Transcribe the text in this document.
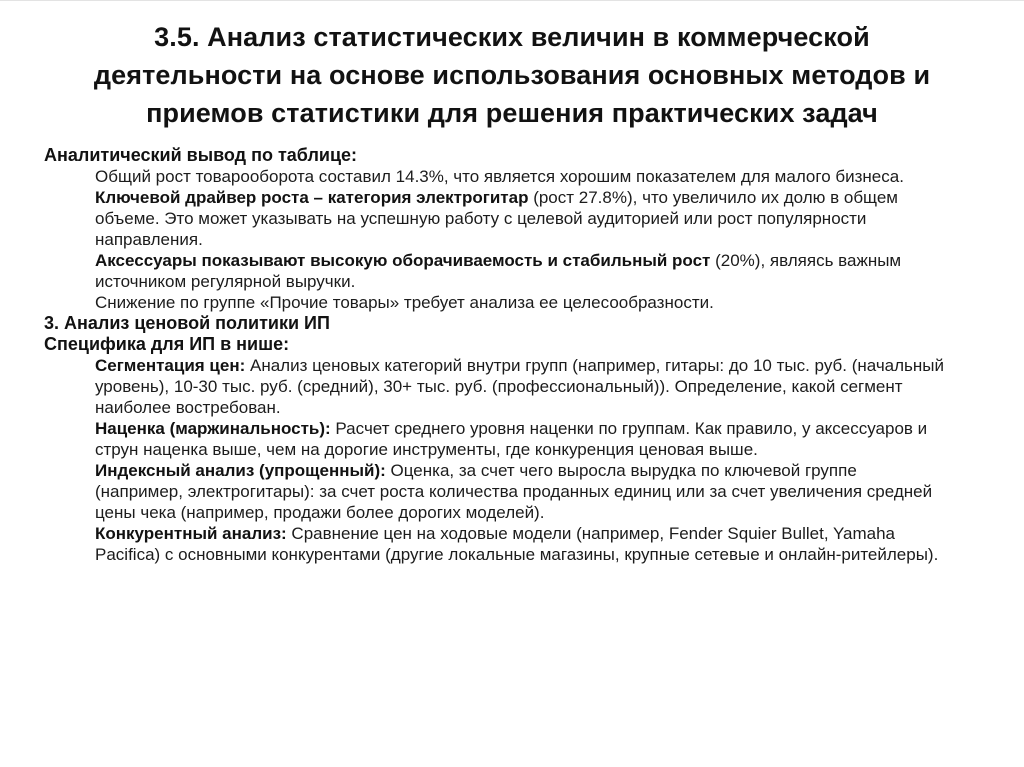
3.5. Анализ статистических величин в коммерческой
деятельности на основе использования основных методов и
приемов статистики для решения практических задач
Аналитический вывод по таблице:
Общий рост товарооборота составил 14.3%, что является хорошим показателем для малого бизнеса.
Ключевой драйвер роста – категория электрогитар (рост 27.8%), что увеличило их долю в общем объеме. Это может указывать на успешную работу с целевой аудиторией или рост популярности направления.
Аксессуары показывают высокую оборачиваемость и стабильный рост (20%), являясь важным источником регулярной выручки.
Снижение по группе «Прочие товары» требует анализа ее целесообразности.
3. Анализ ценовой политики ИП
Специфика для ИП в нише:
Сегментация цен: Анализ ценовых категорий внутри групп (например, гитары: до 10 тыс. руб. (начальный уровень), 10-30 тыс. руб. (средний), 30+ тыс. руб. (профессиональный)). Определение, какой сегмент наиболее востребован.
Наценка (маржинальность): Расчет среднего уровня наценки по группам. Как правило, у аксессуаров и струн наценка выше, чем на дорогие инструменты, где конкуренция ценовая выше.
Индексный анализ (упрощенный): Оценка, за счет чего выросла вырудка по ключевой группе (например, электрогитары): за счет роста количества проданных единиц или за счет увеличения средней цены чека (например, продажи более дорогих моделей).
Конкурентный анализ: Сравнение цен на ходовые модели (например, Fender Squier Bullet, Yamaha Pacifica) с основными конкурентами (другие локальные магазины, крупные сетевые и онлайн-ритейлеры).
